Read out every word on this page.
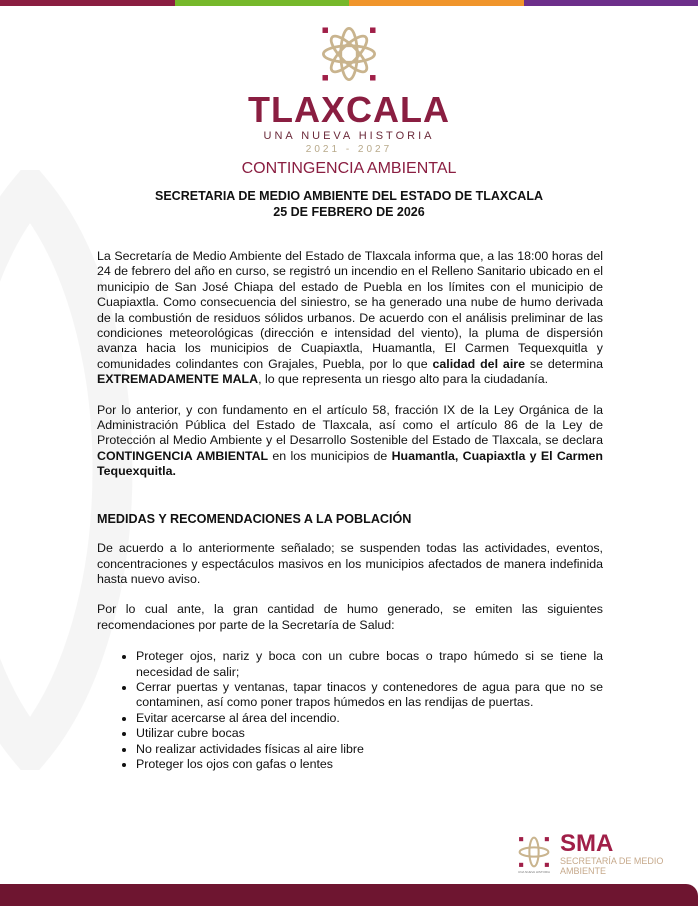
TLAXCALA
UNA NUEVA HISTORIA
2021 - 2027
CONTINGENCIA AMBIENTAL
SECRETARIA DE MEDIO AMBIENTE DEL ESTADO DE TLAXCALA
25 DE FEBRERO DE 2026

La Secretaría de Medio Ambiente del Estado de Tlaxcala informa que, a las 18:00 horas del 24 de febrero del año en curso, se registró un incendio en el Relleno Sanitario ubicado en el municipio de San José Chiapa del estado de Puebla en los límites con el municipio de Cuapiaxtla. Como consecuencia del siniestro, se ha generado una nube de humo derivada de la combustión de residuos sólidos urbanos. De acuerdo con el análisis preliminar de las condiciones meteorológicas (dirección e intensidad del viento), la pluma de dispersión avanza hacia los municipios de Cuapiaxtla, Huamantla, El Carmen Tequexquitla y comunidades colindantes con Grajales, Puebla, por lo que calidad del aire se determina EXTREMADAMENTE MALA, lo que representa un riesgo alto para la ciudadanía.

Por lo anterior, y con fundamento en el artículo 58, fracción IX de la Ley Orgánica de la Administración Pública del Estado de Tlaxcala, así como el artículo 86 de la Ley de Protección al Medio Ambiente y el Desarrollo Sostenible del Estado de Tlaxcala, se declara CONTINGENCIA AMBIENTAL en los municipios de Huamantla, Cuapiaxtla y El Carmen Tequexquitla.

MEDIDAS Y RECOMENDACIONES A LA POBLACIÓN

De acuerdo a lo anteriormente señalado; se suspenden todas las actividades, eventos, concentraciones y espectáculos masivos en los municipios afectados de manera indefinida hasta nuevo aviso.

Por lo cual ante, la gran cantidad de humo generado, se emiten las siguientes recomendaciones por parte de la Secretaría de Salud:

• Proteger ojos, nariz y boca con un cubre bocas o trapo húmedo si se tiene la necesidad de salir;
• Cerrar puertas y ventanas, tapar tinacos y contenedores de agua para que no se contaminen, así como poner trapos húmedos en las rendijas de puertas.
• Evitar acercarse al área del incendio.
• Utilizar cubre bocas
• No realizar actividades físicas al aire libre
• Proteger los ojos con gafas o lentes
UNA NUEVA HISTORIA
SMA
SECRETARÍA DE MEDIO
AMBIENTE
